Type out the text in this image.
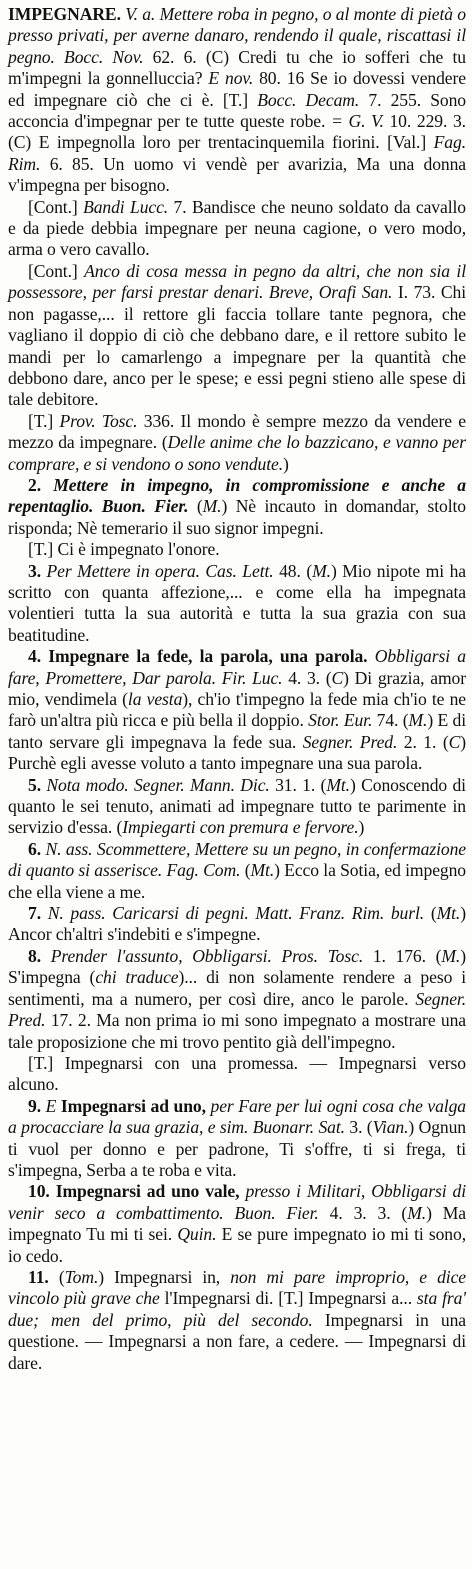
IMPEGNARE. V. a. Mettere roba in pegno, o al monte di pietà o presso privati, per averne danaro, rendendo il quale, riscattasi il pegno. Bocc. Nov. 62. 6. (C) Credi tu che io sofferi che tu m'impegni la gonnelluccia? E nov. 80. 16 Se io dovessi vendere ed impegnare ciò che ci è. [T.] Bocc. Decam. 7. 255. Sono acconcia d'impegnar per te tutte queste robe. = G. V. 10. 229. 3. (C) E impegnolla loro per trentacinquemila fiorini. [Val.] Fag. Rim. 6. 85. Un uomo vi vendè per avarizia, Ma una donna v'impegna per bisogno.

[Cont.] Bandi Lucc. 7. Bandisce che neuno soldato da cavallo e da piede debbia impegnare per neuna cagione, o vero modo, arma o vero cavallo.

[Cont.] Anco di cosa messa in pegno da altri, che non sia il possessore, per farsi prestar denari. Breve, Orafi San. I. 73. Chi non pagasse,... il rettore gli faccia tollare tante pegnora, che vagliano il doppio di ciò che debbano dare, e il rettore subito le mandi per lo camarlengo a impegnare per la quantità che debbono dare, anco per le spese; e essi pegni stieno alle spese di tale debitore.

[T.] Prov. Tosc. 336. Il mondo è sempre mezzo da vendere e mezzo da impegnare. (Delle anime che lo bazzicano, e vanno per comprare, e si vendono o sono vendute.)

2. Mettere in impegno, in compromissione e anche a repentaglio. Buon. Fier. (M.) Nè incauto in domandar, stolto risponda; Nè temerario il suo signor impegni.

[T.] Ci è impegnato l'onore.

3. Per Mettere in opera. Cas. Lett. 48. (M.) Mio nipote mi ha scritto con quanta affezione,... e come ella ha impegnata volentieri tutta la sua autorità e tutta la sua grazia con sua beatitudine.

4. Impegnare la fede, la parola, una parola. Obbligarsi a fare, Promettere, Dar parola. Fir. Luc. 4. 3. (C) Di grazia, amor mio, vendimela (la vesta), ch'io t'impegno la fede mia ch'io te ne farò un'altra più ricca e più bella il doppio. Stor. Eur. 74. (M.) E di tanto servare gli impegnava la fede sua. Segner. Pred. 2. 1. (C) Purchè egli avesse voluto a tanto impegnare una sua parola.

5. Nota modo. Segner. Mann. Dic. 31. 1. (Mt.) Conoscendo di quanto le sei tenuto, animati ad impegnare tutto te parimente in servizio d'essa. (Impiegarti con premura e fervore.)

6. N. ass. Scommettere, Mettere su un pegno, in confermazione di quanto si asserisce. Fag. Com. (Mt.) Ecco la Sotia, ed impegno che ella viene a me.

7. N. pass. Caricarsi di pegni. Matt. Franz. Rim. burl. (Mt.) Ancor ch'altri s'indebiti e s'impegne.

8. Prender l'assunto, Obbligarsi. Pros. Tosc. 1. 176. (M.) S'impegna (chi traduce)... di non solamente rendere a peso i sentimenti, ma a numero, per così dire, anco le parole. Segner. Pred. 17. 2. Ma non prima io mi sono impegnato a mostrare una tale proposizione che mi trovo pentito già dell'impegno.

[T.] Impegnarsi con una promessa. — Impegnarsi verso alcuno.

9. E Impegnarsi ad uno, per Fare per lui ogni cosa che valga a procacciare la sua grazia, e sim. Buonarr. Sat. 3. (Vian.) Ognun ti vuol per donno e per padrone, Ti s'offre, ti si frega, ti s'impegna, Serba a te roba e vita.

10. Impegnarsi ad uno vale, presso i Militari, Obbligarsi di venir seco a combattimento. Buon. Fier. 4. 3. 3. (M.) Ma impegnato Tu mi ti sei. Quin. E se pure impegnato io mi ti sono, io cedo.

11. (Tom.) Impegnarsi in, non mi pare improprio, e dice vincolo più grave che l'Impegnarsi di. [T.] Impegnarsi a... sta fra' due; men del primo, più del secondo. Impegnarsi in una questione. — Impegnarsi a non fare, a cedere. — Impegnarsi di dare.
